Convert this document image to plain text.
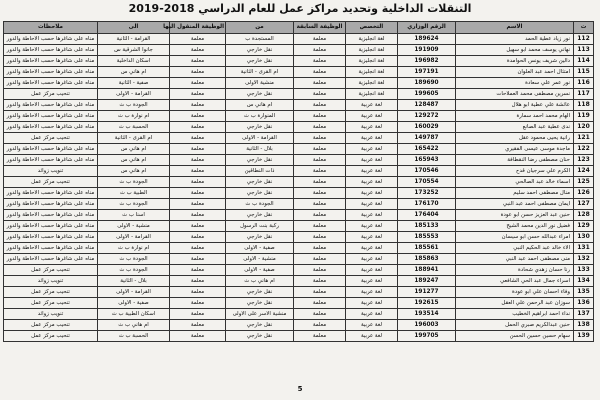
التنقلات الداخلية وتحديد مراكز عمل للعام الدراسي 2018-2019
ت	الاسم	الرقم الوزاري	التخصص	الوظيفة السابقة	من	الوظيفة المنقول اليها	الى	ملاحظات
112	نور زياد عطية الحمد	189624	لغة انجليزية	معلمة	المستجدة ب	معلمة	القرامة - الثانية	مناه على شاغرها حسب الاحاطة والدور
113	نهاني يوسف محمد ابو سهيل	191909	لغة انجليزية	معلمة	نقل خارجي	معلمة	جانوا الشرقية س	مناه على شاغرها حسب الاحاطة والدور
114	دالين شريف يونس الحوامدة	196982	لغة انجليزية	معلمة	نقل خارجي	معلمة	اسكان الداخلية	مناه على شاغرها حسب الاحاطة والدور
115	امتثال احمد عبد العلوان	197191	لغة انجليزية	معلمة	ام القرى - الثانية	معلمة	ام هاني س	مناه على شاغرها حسب الاحاطة والدور
116	نور عمر علي سعادة	189690	لغة انجليزية	معلمة	منشية الاولى	معلمة	صفية - الثانية	مناه على شاغرها حسب الاحاطة والدور
117	نسرين مصطفى محمد العملاحات	199605	لغة انجليزية	معلمة	نقل خارجي	معلمة	القرامة - الاولى	تنحيب مركز عمل
118	عائشة علي عطية ابو هلال	128487	لغة عربية	معلمة	ام هاني س	معلمة	الجودة ب ث	مناه على شاغرها حسب الاحاطة والدور
119	الهام محمد احمد سمارة	129272	لغة عربية	معلمة	المنوارة ب ث	معلمة	ام نوارة ب ث	مناه على شاغرها حسب الاحاطة والدور
120	ندى عطية عبد الصانع	160029	لغة عربية	معلمة	نقل خارجي	معلمة	الحسبة ب ث	مناه على شاغرها حسب الاحاطة والدور
121	رانية يحيى محمود عقل	149787	لغة عربية	معلمة	القرامة - الاولى	معلمة	ام القرى - الثانية	تنحيب مركز عمل
122	ماجدة موسى عيسى الفقيري	165422	لغة عربية	معلمة	بلال - الثانية	معلمة	ام هاني س	مناه على شاغرها حسب الاحاطة والدور
123	حنان مصطفى رضا النقطافة	165943	لغة عربية	معلمة	نقل خارجي	معلمة	ام هاني س	مناه على شاغرها حسب الاحاطة والدور
124	الكرم علي سرجيان قدح	170546	لغة عربية	معلمة	ذات النطاقين	معلمة	ام هاني س	تنويب زوائد
125	اسماء خالد عبد الصالحي	170554	لغة عربية	معلمة	نقل خارجي	معلمة	الجودة ب ث	تنحيب مركز عمل
126	منال مصطفى احمد سليم	173252	لغة عربية	معلمة	نقل خارجي	معلمة	الطبية ب ث	مناه على شاغرها حسب الاحاطة والدور
127	ايمان مصطفى احمد عبد النبي	176170	لغة عربية	معلمة	الجودة ب ث	معلمة	الجودة ب ث	مناه على شاغرها حسب الاحاطة والدور
128	حنين عبد العزيز حسن ابو عودة	176404	لغة عربية	معلمة	نقل خارجي	معلمة	اسنا ب ث	مناه على شاغرها حسب الاحاطة والدور
129	فضيل نور الدين محمد الشيخ	185133	لغة عربية	معلمة	ركبة بنت الرسول	معلمة	منشية - الاولى	مناه على شاغرها حسب الاحاطة والدور
130	امراء عبدالله حسن ابو سيسان	185553	لغة عربية	معلمة	نقل خارجي	معلمة	القرامة - الاولى	مناه على شاغرها حسب الاحاطة والدور
131	الاء خالد عبد الحكيم النبي	185561	لغة عربية	معلمة	صفية - الاولى	معلمة	ام نوارة ب ث	مناه على شاغرها حسب الاحاطة والدور
132	منى مصطفى احمد عبد النبي	185863	لغة عربية	معلمة	منشية - الاولى	معلمة	الجودة ب ث	مناه على شاغرها حسب الاحاطة والدور
133	رنا حسان زهدي شحادة	188941	لغة عربية	معلمة	صفية - الاولى	معلمة	الجودة ب ث	تنحيب مركز عمل
134	اسراء جمال عبد الحي الشافعي	189247	لغة عربية	معلمة	ام هاني ب ث	معلمة	بلال - الثانية	تنويب زوائد
135	وفاء احسان علي ابو عودة	191277	لغة عربية	معلمة	نقل خارجي	معلمة	القرامة - الاولى	تنحيب مركز عمل
136	سوزان عبد الرحمن علي العقل	192615	لغة عربية	معلمة	نقل خارجي	معلمة	صفية - الاولى	تنحيب مركز عمل
137	نداء احمد ابراهيم الخطيب	193514	لغة عربية	معلمة	منشية الاسر على الاولى	معلمة	اسكان الطبية ب ث	تنويب زوائد
138	حنين عبدالكريم صبري الحمل	196003	لغة عربية	معلمة	نقل خارجي	معلمة	ام هاني ب ث	تنحيب مركز عمل
139	سهام حسين حسين الحسن	199705	لغة عربية	معلمة	نقل خارجي	معلمة	الحسبة ب ث	تنحيب مركز عمل
5
